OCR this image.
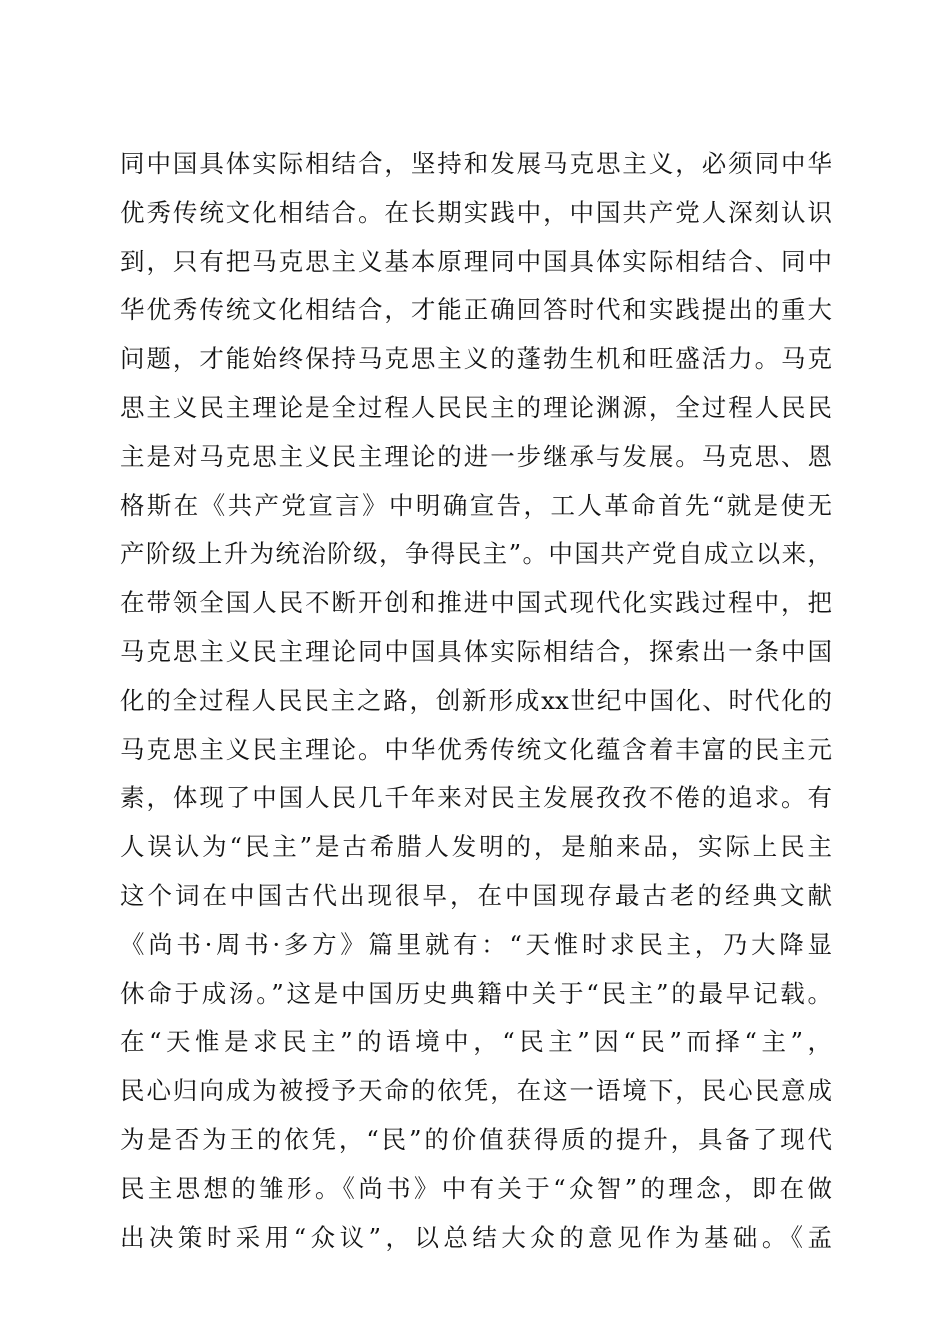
同中国具体实际相结合，坚持和发展马克思主义，必须同中华
优秀传统文化相结合。在长期实践中，中国共产党人深刻认识
到，只有把马克思主义基本原理同中国具体实际相结合、同中
华优秀传统文化相结合，才能正确回答时代和实践提出的重大
问题，才能始终保持马克思主义的蓬勃生机和旺盛活力。马克
思主义民主理论是全过程人民民主的理论渊源，全过程人民民
主是对马克思主义民主理论的进一步继承与发展。马克思、恩
格斯在《共产党宣言》中明确宣告，工人革命首先“就是使无
产阶级上升为统治阶级，争得民主”。中国共产党自成立以来，
在带领全国人民不断开创和推进中国式现代化实践过程中，把
马克思主义民主理论同中国具体实际相结合，探索出一条中国
化的全过程人民民主之路，创新形成xx世纪中国化、时代化的
马克思主义民主理论。中华优秀传统文化蕴含着丰富的民主元
素，体现了中国人民几千年来对民主发展孜孜不倦的追求。有
人误认为“民主”是古希腊人发明的，是舶来品，实际上民主
这个词在中国古代出现很早，在中国现存最古老的经典文献
《尚书·周书·多方》篇里就有：“天惟时求民主，乃大降显
休命于成汤。”这是中国历史典籍中关于“民主”的最早记载。
在“天惟是求民主”的语境中，“民主”因“民”而择“主”，
民心归向成为被授予天命的依凭，在这一语境下，民心民意成
为是否为王的依凭，“民”的价值获得质的提升，具备了现代
民主思想的雏形。《尚书》中有关于“众智”的理念，即在做
出决策时采用“众议”，以总结大众的意见作为基础。《孟
